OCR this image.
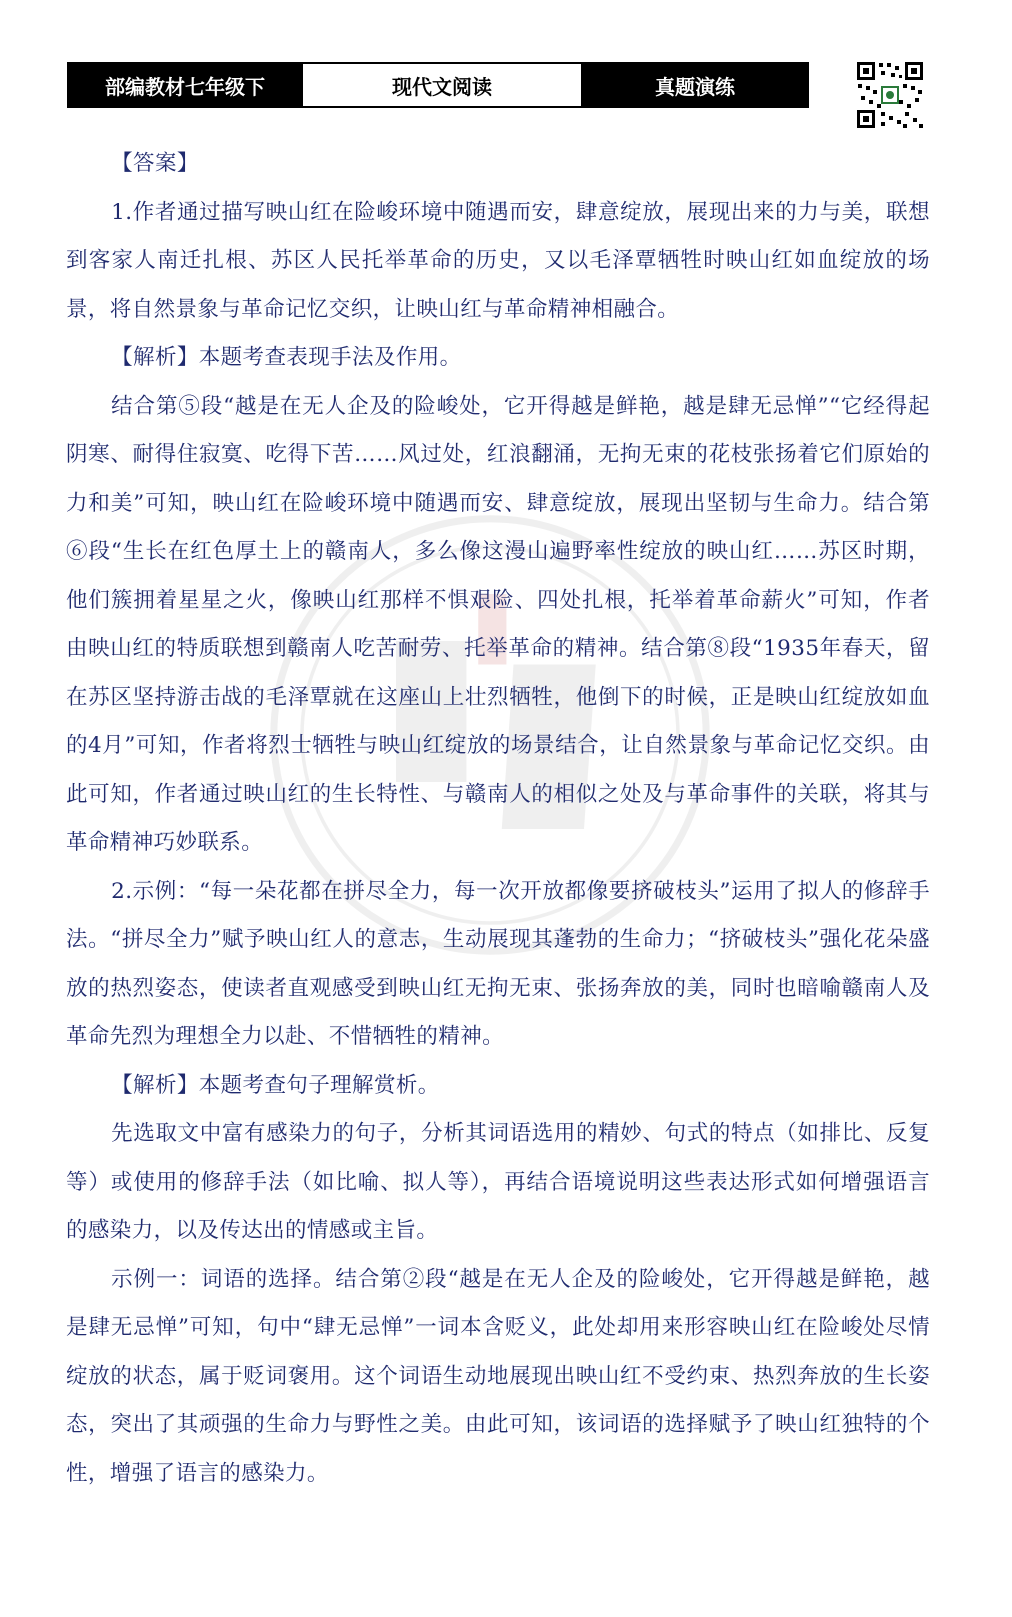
部编教材七年级下	现代文阅读	真题演练

【答案】

1.作者通过描写映山红在险峻环境中随遇而安，肆意绽放，展现出来的力与美，联想到客家人南迁扎根、苏区人民托举革命的历史，又以毛泽覃牺牲时映山红如血绽放的场景，将自然景象与革命记忆交织，让映山红与革命精神相融合。

【解析】本题考查表现手法及作用。

结合第⑤段“越是在无人企及的险峻处，它开得越是鲜艳，越是肆无忌惮”“它经得起阴寒、耐得住寂寞、吃得下苦……风过处，红浪翻涌，无拘无束的花枝张扬着它们原始的力和美”可知，映山红在险峻环境中随遇而安、肆意绽放，展现出坚韧与生命力。结合第⑥段“生长在红色厚土上的赣南人，多么像这漫山遍野率性绽放的映山红……苏区时期，他们簇拥着星星之火，像映山红那样不惧艰险、四处扎根，托举着革命薪火”可知，作者由映山红的特质联想到赣南人吃苦耐劳、托举革命的精神。结合第⑧段“1935年春天，留在苏区坚持游击战的毛泽覃就在这座山上壮烈牺牲，他倒下的时候，正是映山红绽放如血的4月”可知，作者将烈士牺牲与映山红绽放的场景结合，让自然景象与革命记忆交织。由此可知，作者通过映山红的生长特性、与赣南人的相似之处及与革命事件的关联，将其与革命精神巧妙联系。

2.示例：“每一朵花都在拼尽全力，每一次开放都像要挤破枝头”运用了拟人的修辞手法。“拼尽全力”赋予映山红人的意志，生动展现其蓬勃的生命力；“挤破枝头”强化花朵盛放的热烈姿态，使读者直观感受到映山红无拘无束、张扬奔放的美，同时也暗喻赣南人及革命先烈为理想全力以赴、不惜牺牲的精神。

【解析】本题考查句子理解赏析。

先选取文中富有感染力的句子，分析其词语选用的精妙、句式的特点（如排比、反复等）或使用的修辞手法（如比喻、拟人等），再结合语境说明这些表达形式如何增强语言的感染力，以及传达出的情感或主旨。

示例一：词语的选择。结合第②段“越是在无人企及的险峻处，它开得越是鲜艳，越是肆无忌惮”可知，句中“肆无忌惮”一词本含贬义，此处却用来形容映山红在险峻处尽情绽放的状态，属于贬词褒用。这个词语生动地展现出映山红不受约束、热烈奔放的生长姿态，突出了其顽强的生命力与野性之美。由此可知，该词语的选择赋予了映山红独特的个性，增强了语言的感染力。
